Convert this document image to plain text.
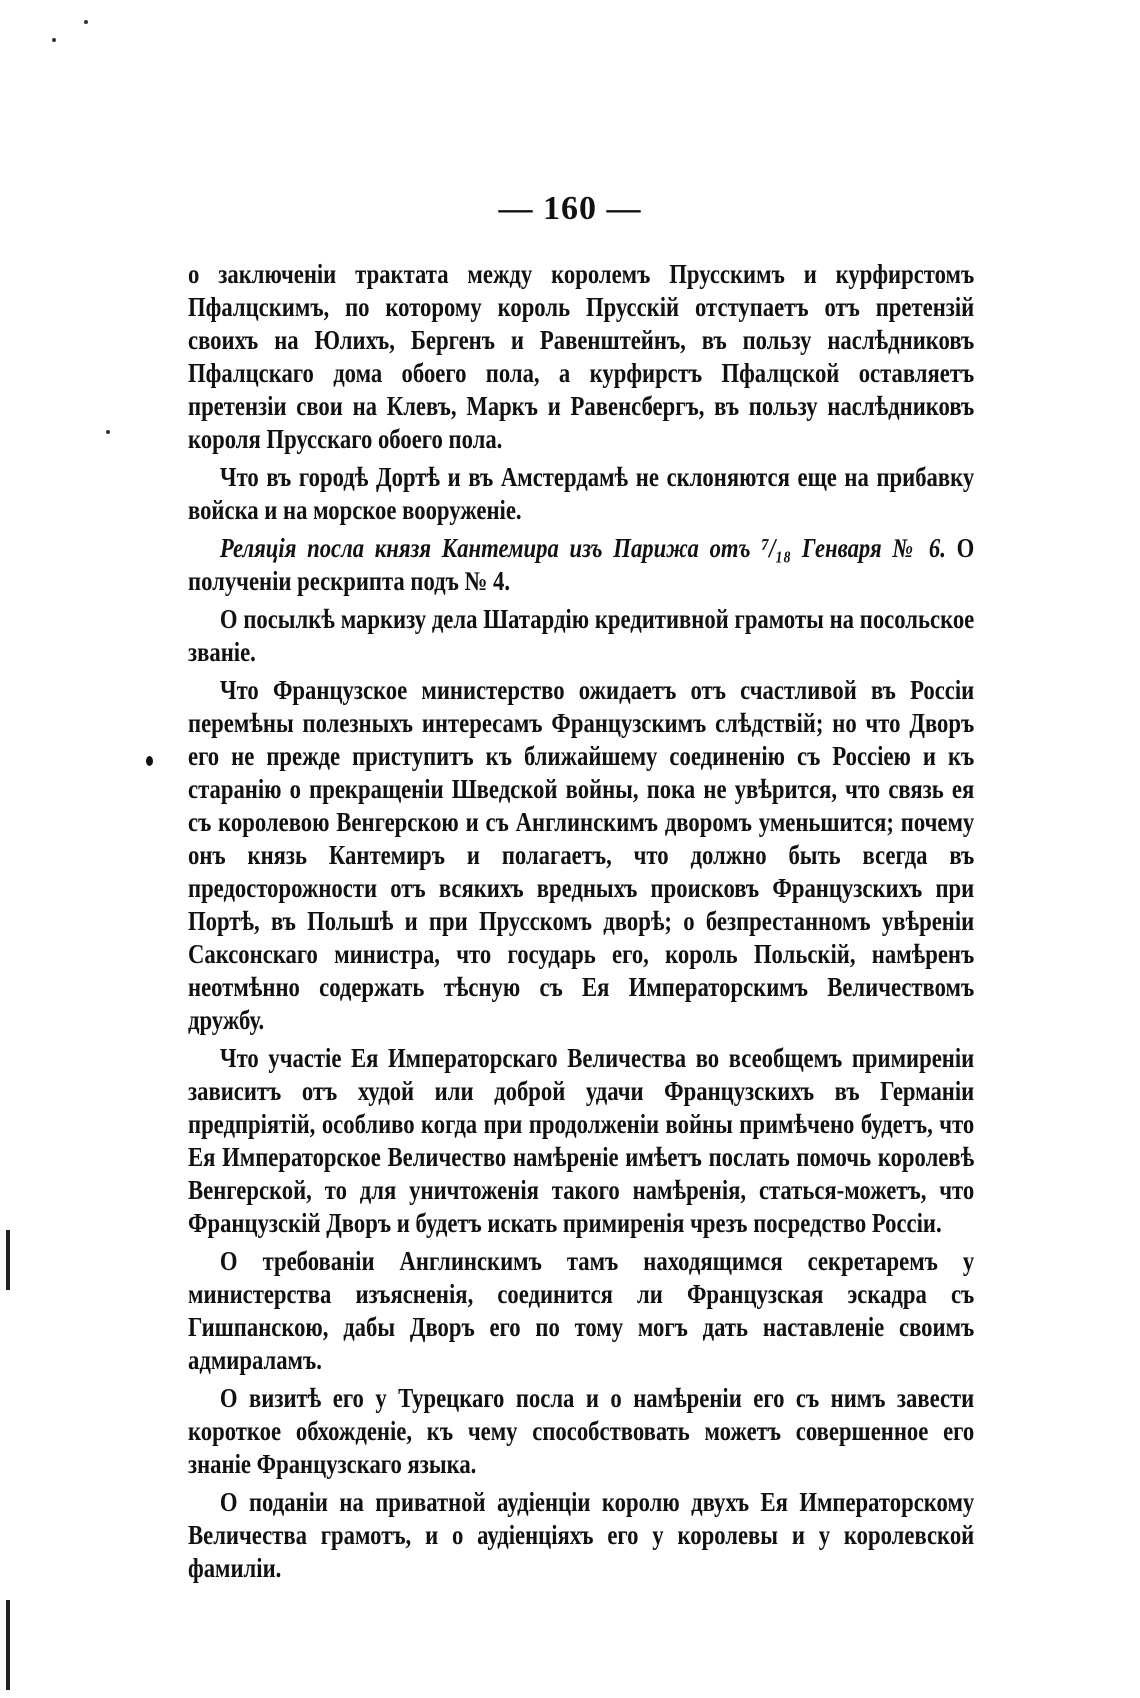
— 160 —

о заключеніи трактата между королемъ Прусскимъ и курфирстомъ Пфалцскимъ, по которому король Прусскій отступаетъ отъ претензій своихъ на Юлихъ, Бергенъ и Равенштейнъ, въ пользу наслѣдниковъ Пфалцскаго дома обоего пола, а курфирстъ Пфалцской оставляетъ претензіи свои на Клевъ, Маркъ и Равенсбергъ, въ пользу наслѣдниковъ короля Прусскаго обоего пола.

Что въ городѣ Дортѣ и въ Амстердамѣ не склоняются еще на прибавку войска и на морское вооруженіе.

Реляція посла князя Кантемира изъ Парижа отъ ⁷/₁₈ Генваря № 6. О полученіи рескрипта подъ № 4.

О посылкѣ маркизу дела Шатардію кредитивной грамоты на посольское званіе.

Что Французское министерство ожидаетъ отъ счастливой въ Россіи перемѣны полезныхъ интересамъ Французскимъ слѣдствій; но что Дворъ его не прежде приступитъ къ ближайшему соединенію съ Россіею и къ старанію о прекращеніи Шведской войны, пока не увѣрится, что связь ея съ королевою Венгерскою и съ Англинскимъ дворомъ уменьшится; почему онъ князь Кантемиръ и полагаетъ, что должно быть всегда въ предосторожности отъ всякихъ вредныхъ происковъ Французскихъ при Портѣ, въ Польшѣ и при Прусскомъ дворѣ; о безпрестанномъ увѣреніи Саксонскаго министра, что государь его, король Польскій, намѣренъ неотмѣнно содержать тѣсную съ Ея Императорскимъ Величествомъ дружбу.

Что участіе Ея Императорскаго Величества во всеобщемъ примиреніи зависитъ отъ худой или доброй удачи Французскихъ въ Германіи предпріятій, особливо когда при продолженіи войны примѣчено будетъ, что Ея Императорское Величество намѣреніе имѣетъ послать помочь королевѣ Венгерской, то для уничтоженія такого намѣренія, статься-можетъ, что Французскій Дворъ и будетъ искать примиренія чрезъ посредство Россіи.

О требованіи Англинскимъ тамъ находящимся секретаремъ у министерства изъясненія, соединится ли Французская эскадра съ Гишпанскою, дабы Дворъ его по тому могъ дать наставленіе своимъ адмираламъ.

О визитѣ его у Турецкаго посла и о намѣреніи его съ нимъ завести короткое обхожденіе, къ чему способствовать можетъ совершенное его знаніе Французскаго языка.

О поданіи на приватной аудіенціи королю двухъ Ея Императорскому Величества грамотъ, и о аудіенціяхъ его у королевы и у королевской фамиліи.
